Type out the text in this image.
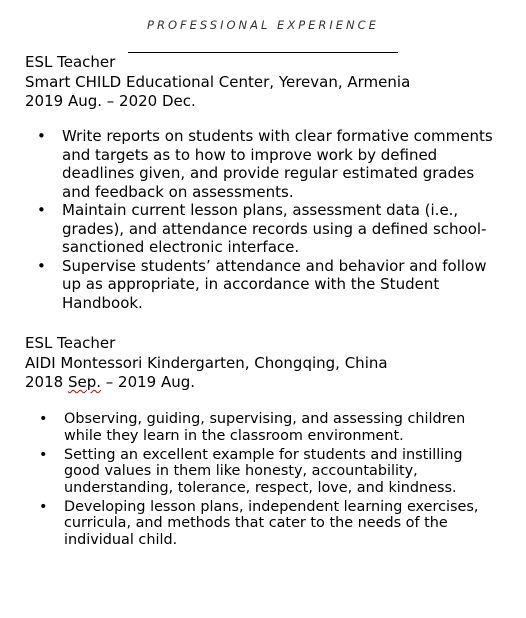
PROFESSIONAL EXPERIENCE
ESL Teacher
Smart CHILD Educational Center, Yerevan, Armenia
2019 Aug. – 2020 Dec.
• Write reports on students with clear formative comments and targets as to how to improve work by defined deadlines given, and provide regular estimated grades and feedback on assessments.
• Maintain current lesson plans, assessment data (i.e., grades), and attendance records using a defined school-sanctioned electronic interface.
• Supervise students’ attendance and behavior and follow up as appropriate, in accordance with the Student Handbook.
ESL Teacher
AIDI Montessori Kindergarten, Chongqing, China
2018 Sep. – 2019 Aug.
• Observing, guiding, supervising, and assessing children while they learn in the classroom environment.
• Setting an excellent example for students and instilling good values in them like honesty, accountability, understanding, tolerance, respect, love, and kindness.
• Developing lesson plans, independent learning exercises, curricula, and methods that cater to the needs of the individual child.
